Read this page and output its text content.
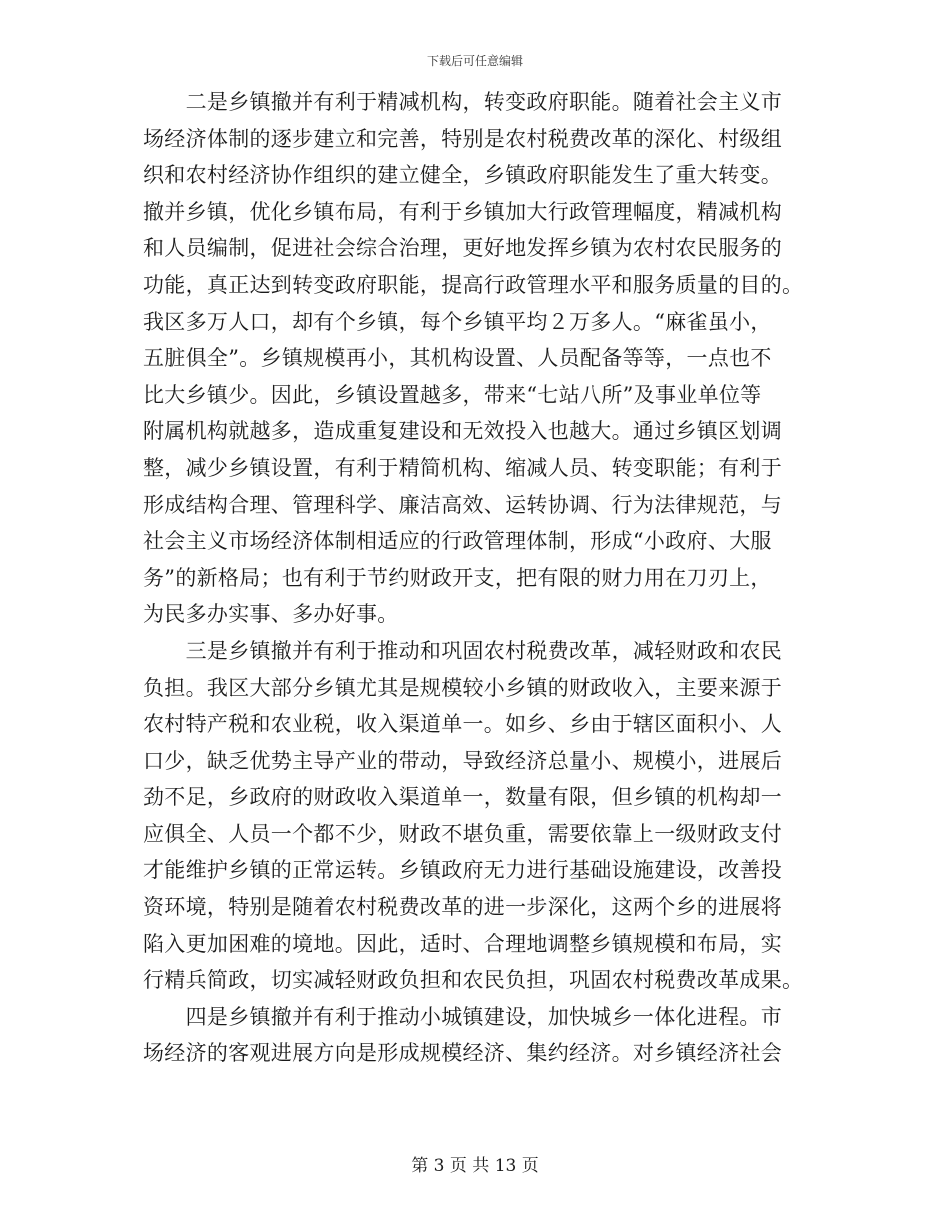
下载后可任意编辑
　　二是乡镇撤并有利于精减机构，转变政府职能。随着社会主义市
场经济体制的逐步建立和完善，特别是农村税费改革的深化、村级组
织和农村经济协作组织的建立健全，乡镇政府职能发生了重大转变。
撤并乡镇，优化乡镇布局，有利于乡镇加大行政管理幅度，精减机构
和人员编制，促进社会综合治理，更好地发挥乡镇为农村农民服务的
功能，真正达到转变政府职能，提高行政管理水平和服务质量的目的。
我区多万人口，却有个乡镇，每个乡镇平均２万多人。“麻雀虽小，
五脏俱全”。乡镇规模再小，其机构设置、人员配备等等，一点也不
比大乡镇少。因此，乡镇设置越多，带来“七站八所”及事业单位等
附属机构就越多，造成重复建设和无效投入也越大。通过乡镇区划调
整，减少乡镇设置，有利于精简机构、缩减人员、转变职能；有利于
形成结构合理、管理科学、廉洁高效、运转协调、行为法律规范，与
社会主义市场经济体制相适应的行政管理体制，形成“小政府、大服
务”的新格局；也有利于节约财政开支，把有限的财力用在刀刃上，
为民多办实事、多办好事。
　　三是乡镇撤并有利于推动和巩固农村税费改革，减轻财政和农民
负担。我区大部分乡镇尤其是规模较小乡镇的财政收入，主要来源于
农村特产税和农业税，收入渠道单一。如乡、乡由于辖区面积小、人
口少，缺乏优势主导产业的带动，导致经济总量小、规模小，进展后
劲不足，乡政府的财政收入渠道单一，数量有限，但乡镇的机构却一
应俱全、人员一个都不少，财政不堪负重，需要依靠上一级财政支付
才能维护乡镇的正常运转。乡镇政府无力进行基础设施建设，改善投
资环境，特别是随着农村税费改革的进一步深化，这两个乡的进展将
陷入更加困难的境地。因此，适时、合理地调整乡镇规模和布局，实
行精兵简政，切实减轻财政负担和农民负担，巩固农村税费改革成果。
　　四是乡镇撤并有利于推动小城镇建设，加快城乡一体化进程。市
场经济的客观进展方向是形成规模经济、集约经济。对乡镇经济社会
第 3 页 共 13 页
